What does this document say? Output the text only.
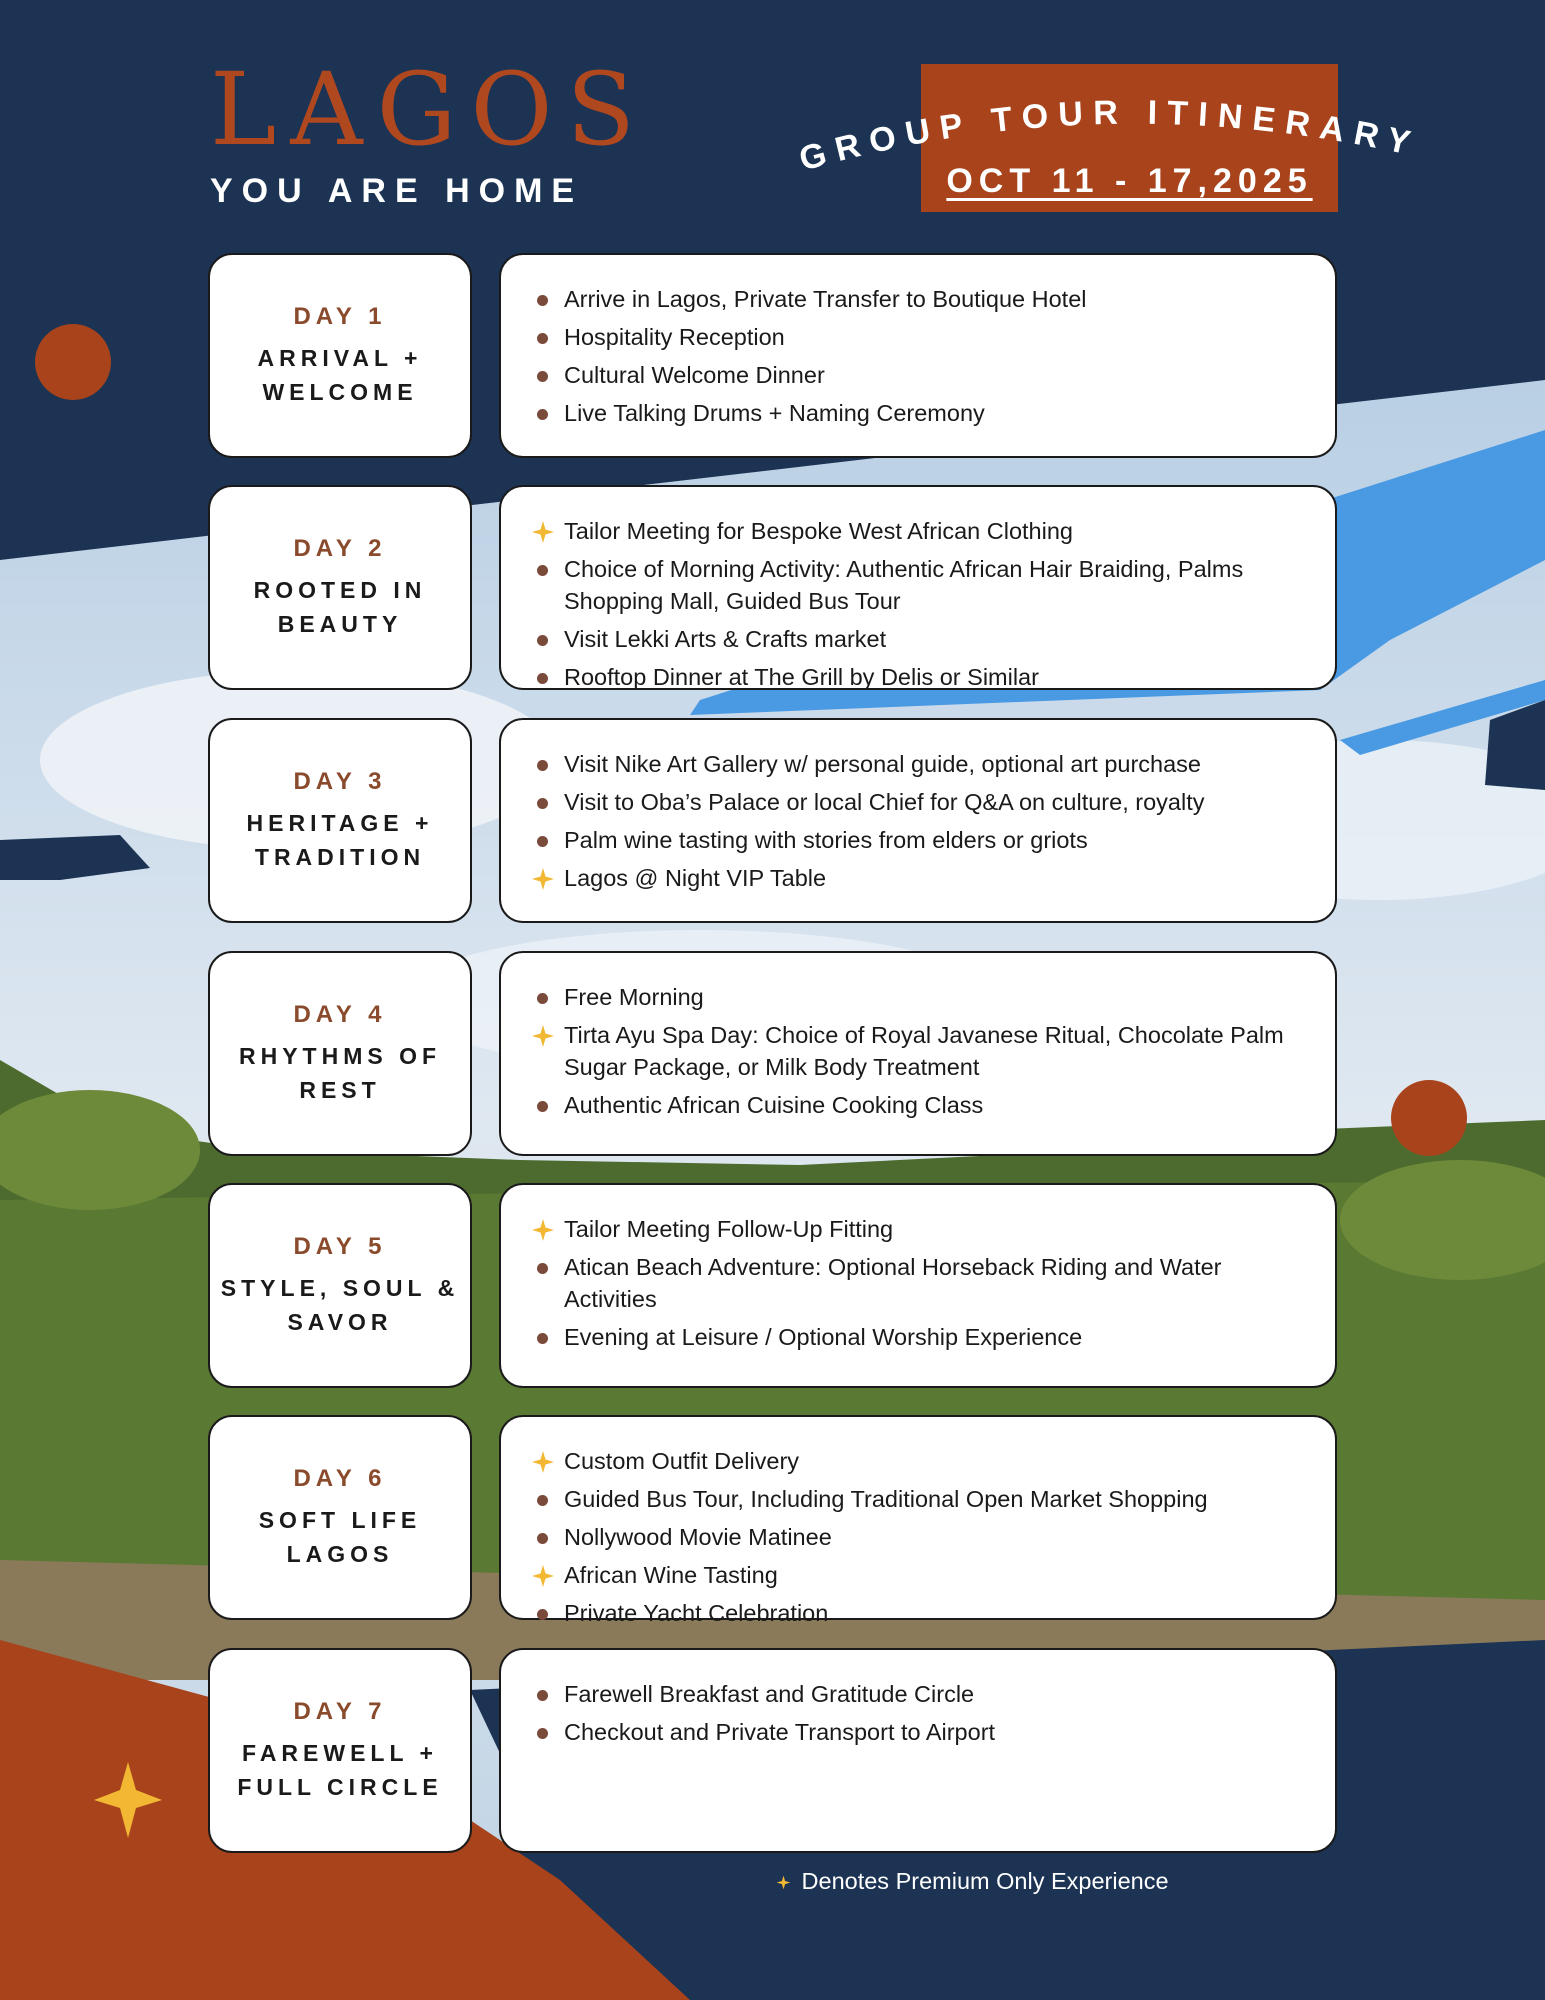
LAGOS
YOU ARE HOME
GROUP TOUR ITINERARY
OCT 11 - 17,2025
DAY 1
ARRIVAL + WELCOME
Arrive in Lagos, Private Transfer to Boutique Hotel
Hospitality Reception
Cultural Welcome Dinner
Live Talking Drums + Naming Ceremony
DAY 2
ROOTED IN BEAUTY
Tailor Meeting for Bespoke West African Clothing
Choice of Morning Activity: Authentic African Hair Braiding, Palms Shopping Mall, Guided Bus Tour
Visit Lekki Arts & Crafts market
Rooftop Dinner at The Grill by Delis or Similar
DAY 3
HERITAGE + TRADITION
Visit Nike Art Gallery w/ personal guide, optional art purchase
Visit to Oba’s Palace or local Chief for Q&A on culture, royalty
Palm wine tasting with stories from elders or griots
Lagos @ Night VIP Table
DAY 4
RHYTHMS OF REST
Free Morning
Tirta Ayu Spa Day: Choice of Royal Javanese Ritual, Chocolate Palm Sugar Package, or Milk Body Treatment
Authentic African Cuisine Cooking Class
DAY 5
STYLE, SOUL & SAVOR
Tailor Meeting Follow-Up Fitting
Atican Beach Adventure: Optional Horseback Riding and Water Activities
Evening at Leisure / Optional Worship Experience
DAY 6
SOFT LIFE LAGOS
Custom Outfit Delivery
Guided Bus Tour, Including Traditional Open Market Shopping
Nollywood Movie Matinee
African Wine Tasting
Private Yacht Celebration
DAY 7
FAREWELL + FULL CIRCLE
Farewell Breakfast and Gratitude Circle
Checkout and Private Transport to Airport
Denotes Premium Only Experience
